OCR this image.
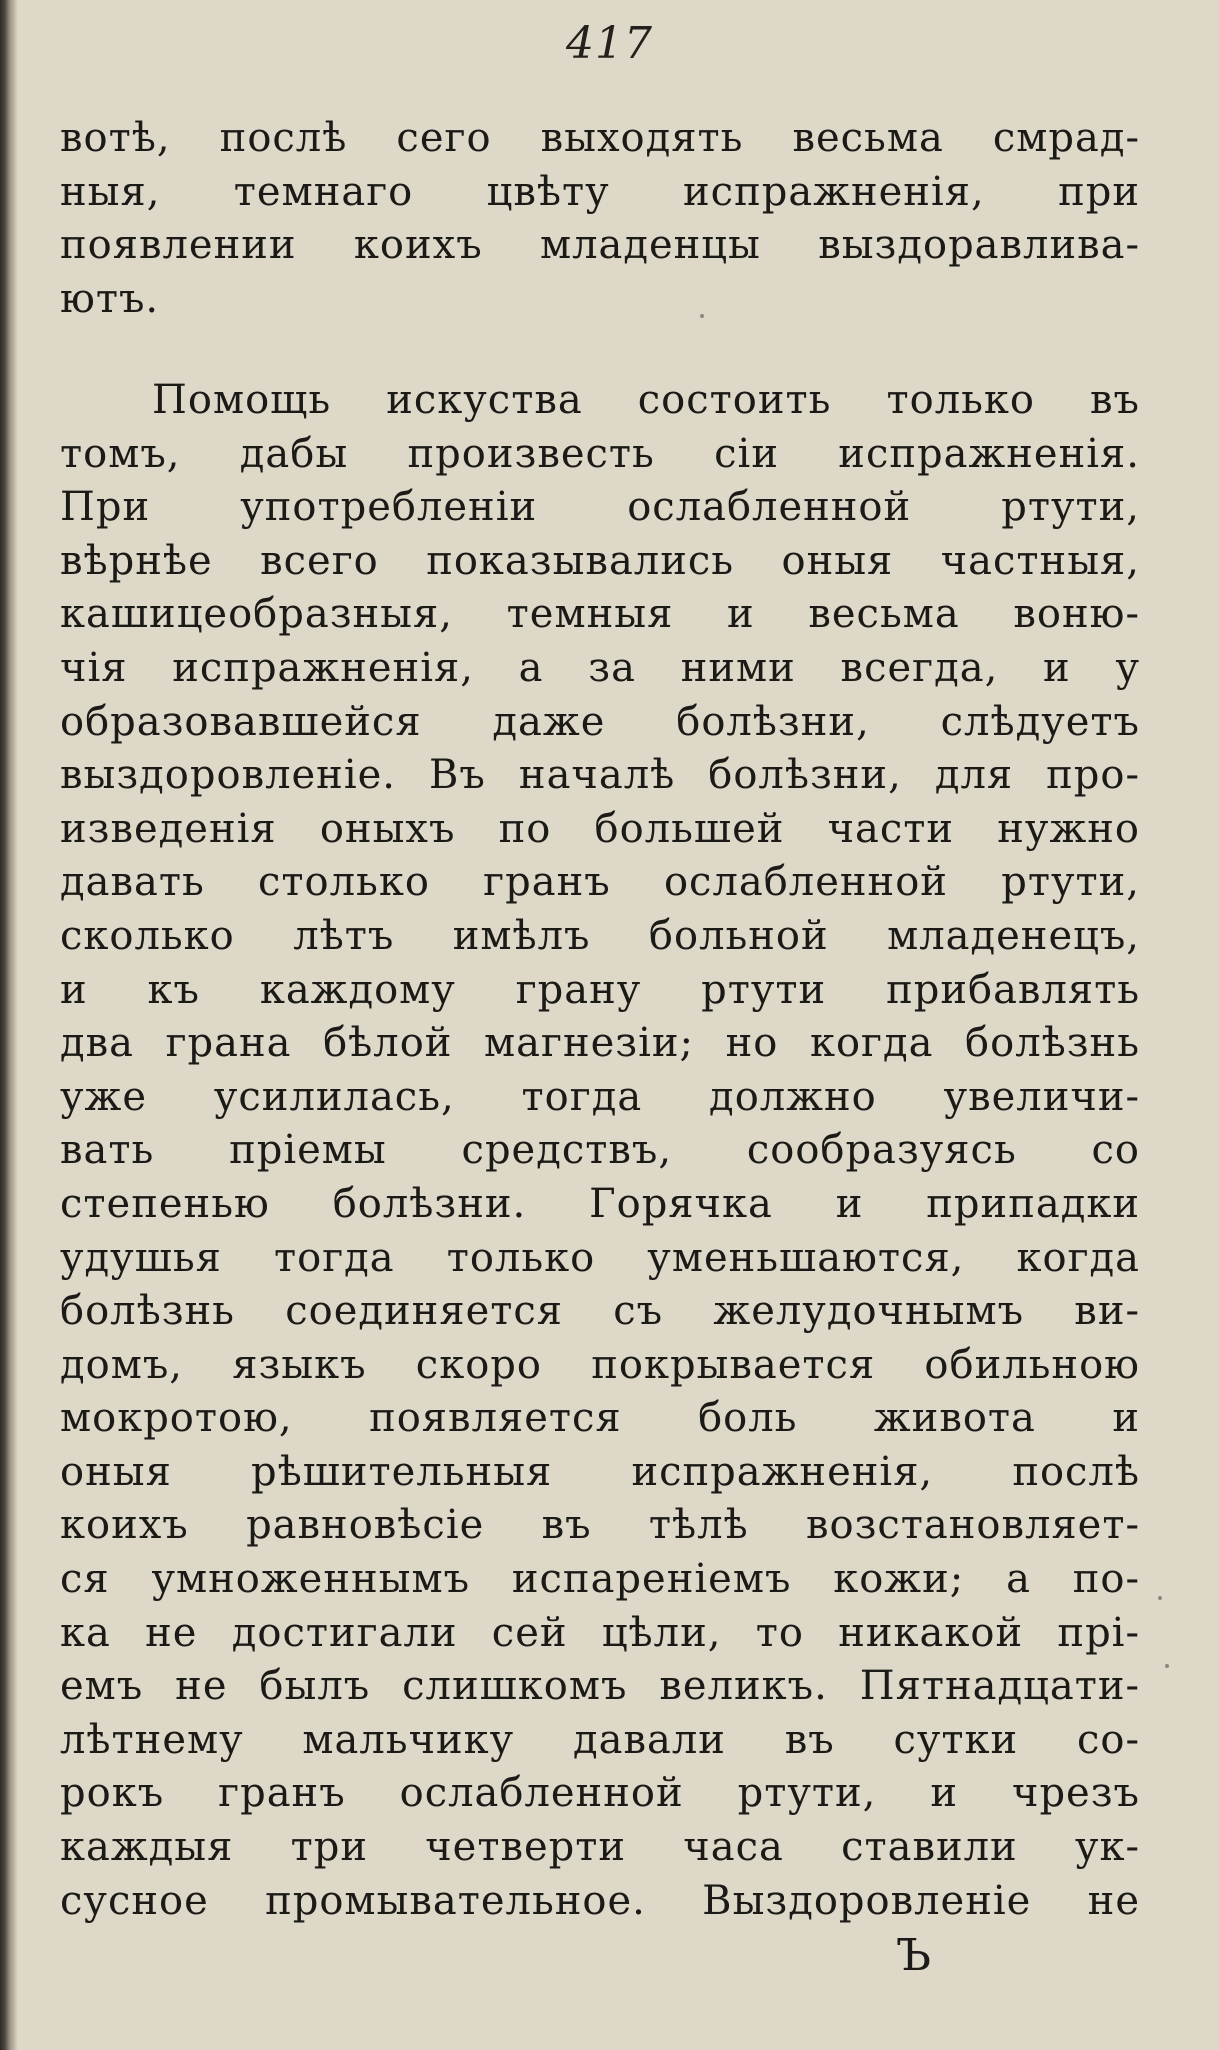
417
вотѣ, послѣ сего выходять весьма смрад-
ныя, темнаго цвѣту испражненія, при
появлении коихъ младенцы выздоравлива-
ютъ.
Помощь искуства состоить только въ
томъ, дабы произвесть сіи испражненія.
При употребленіи ослабленной ртути,
вѣрнѣе всего показывались оныя частныя,
кашицеобразныя, темныя и весьма воню-
чія испражненія, а за ними всегда, и у
образовавшейся даже болѣзни, слѣдуетъ
выздоровленіе. Въ началѣ болѣзни, для про-
изведенія оныхъ по большей части нужно
давать столько гранъ ослабленной ртути,
сколько лѣтъ имѣлъ больной младенецъ,
и къ каждому грану ртути прибавлять
два грана бѣлой магнезіи; но когда болѣзнь
уже усилилась, тогда должно увеличи-
вать пріемы средствъ, сообразуясь со
степенью болѣзни. Горячка и припадки
удушья тогда только уменьшаются, когда
болѣзнь соединяется съ желудочнымъ ви-
домъ, языкъ скоро покрывается обильною
мокротою, появляется боль живота и
оныя рѣшительныя испражненія, послѣ
коихъ равновѣсіе въ тѣлѣ возстановляет-
ся умноженнымъ испареніемъ кожи; а по-
ка не достигали сей цѣли, то никакой прі-
емъ не былъ слишкомъ великъ. Пятнадцати-
лѣтнему мальчику давали въ сутки со-
рокъ гранъ ослабленной ртути, и чрезъ
каждыя три четверти часа ставили ук-
сусное промывательное. Выздоровленіе не
Ъ
